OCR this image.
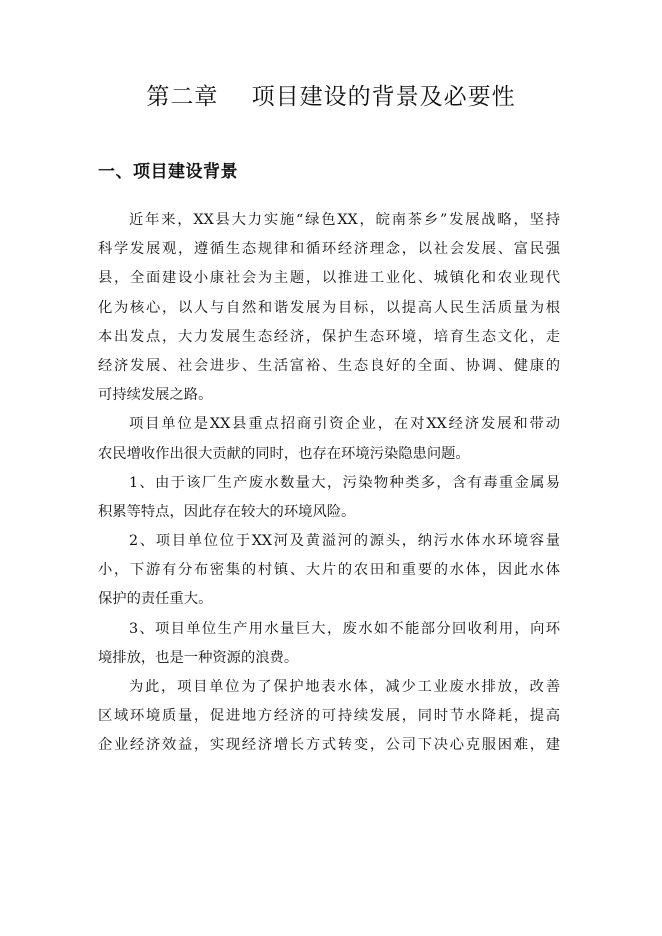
第二章    项目建设的背景及必要性
一、项目建设背景
近年来，XX县大力实施“绿色XX，皖南茶乡”发展战略，坚持
科学发展观，遵循生态规律和循环经济理念，以社会发展、富民强
县，全面建设小康社会为主题，以推进工业化、城镇化和农业现代
化为核心，以人与自然和谐发展为目标，以提高人民生活质量为根
本出发点，大力发展生态经济，保护生态环境，培育生态文化，走
经济发展、社会进步、生活富裕、生态良好的全面、协调、健康的
可持续发展之路。
项目单位是XX县重点招商引资企业，在对XX经济发展和带动
农民增收作出很大贡献的同时，也存在环境污染隐患问题。
1、由于该厂生产废水数量大，污染物种类多，含有毒重金属易
积累等特点，因此存在较大的环境风险。
2、项目单位位于XX河及黄溢河的源头，纳污水体水环境容量
小，下游有分布密集的村镇、大片的农田和重要的水体，因此水体
保护的责任重大。
3、项目单位生产用水量巨大，废水如不能部分回收利用，向环
境排放，也是一种资源的浪费。
为此，项目单位为了保护地表水体，减少工业废水排放，改善
区域环境质量，促进地方经济的可持续发展，同时节水降耗，提高
企业经济效益，实现经济增长方式转变，公司下决心克服困难，建
